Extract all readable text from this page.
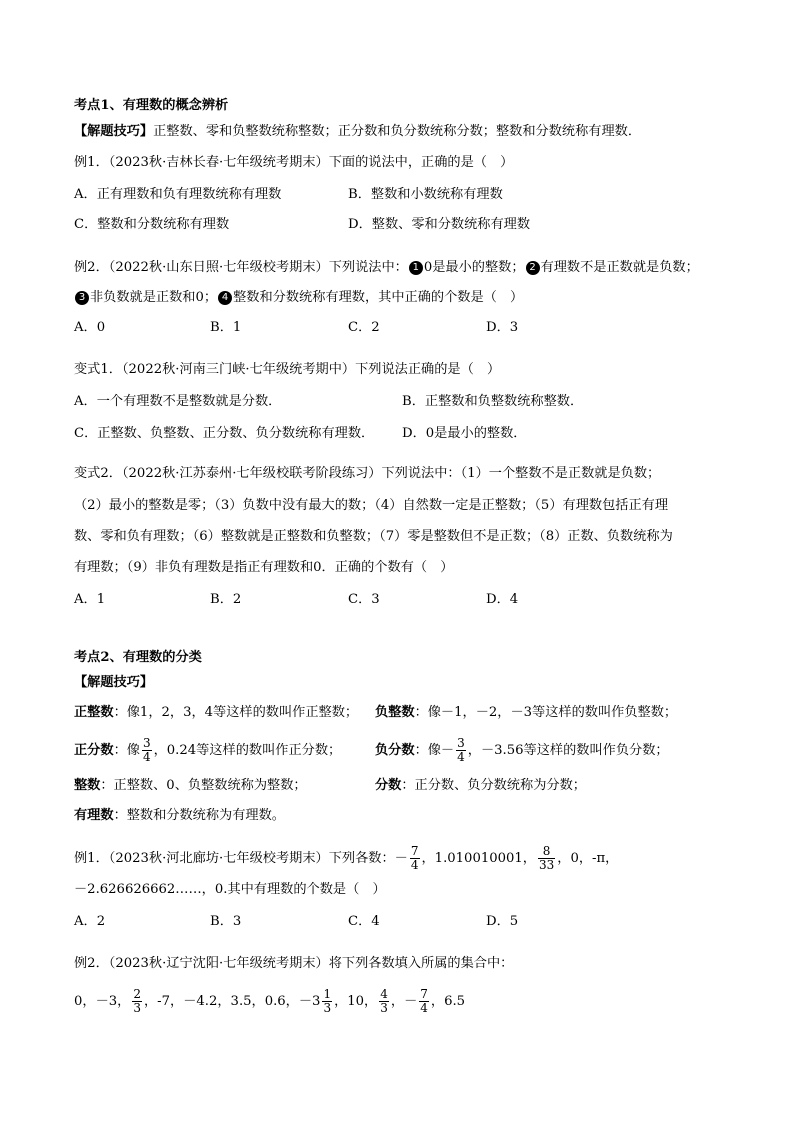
考点1、有理数的概念辨析
【解题技巧】正整数、零和负整数统称整数；正分数和负分数统称分数；整数和分数统称有理数．
例1．（2023秋·吉林长春·七年级统考期末）下面的说法中，正确的是（　）
A．正有理数和负有理数统称有理数	B．整数和小数统称有理数
C．整数和分数统称有理数	D．整数、零和分数统称有理数
例2．（2022秋·山东日照·七年级校考期末）下列说法中： 1 0是最小的整数； 2 有理数不是正数就是负数；
3 非负数就是正数和0； 4 整数和分数统称有理数，其中正确的个数是（　）
A．0	B．1	C．2	D．3
变式1．（2022秋·河南三门峡·七年级统考期中）下列说法正确的是（　）
A．一个有理数不是整数就是分数．	B．正整数和负整数统称整数．
C．正整数、负整数、正分数、负分数统称有理数． D．0是最小的整数．
变式2．（2022秋·江苏泰州·七年级校联考阶段练习）下列说法中：（1）一个整数不是正数就是负数；
（2）最小的整数是零；（3）负数中没有最大的数；（4）自然数一定是正整数；（5）有理数包括正有理
数、零和负有理数；（6）整数就是正整数和负整数；（7）零是整数但不是正数；（8）正数、负数统称为
有理数；（9）非负有理数是指正有理数和0．正确的个数有（　）
A．1	B．2	C．3	D．4
考点2、有理数的分类
【解题技巧】
正整数：像1，2，3，4等这样的数叫作正整数； 负整数：像－1，－2，－3等这样的数叫作负整数；
正分数：像 $\frac{3}{4}$ ，0.24等这样的数叫作正分数；	负分数：像－ $\frac{3}{4}$ ，－3.56等这样的数叫作负分数；
整数：正整数、0、负整数统称为整数；	分数：正分数、负分数统称为分数；
有理数：整数和分数统称为有理数。
例1．（2023秋·河北廊坊·七年级校考期末）下列各数：－ $\frac{7}{4}$ ，1.010010001， $\frac{8}{33}$ ，0，-π，
－2.626626662……，0.其中有理数的个数是（　）
A．2	B．3	C．4	D．5
例2．（2023秋·辽宁沈阳·七年级统考期末）将下列各数填入所属的集合中：
0，－3， $\frac{2}{3}$ ，-7，－4.2，3.5，0.6，$-3 \frac{1}{3}$ ，10， $\frac{4}{3}$ ，－ $\frac{7}{4}$ ，6.5
